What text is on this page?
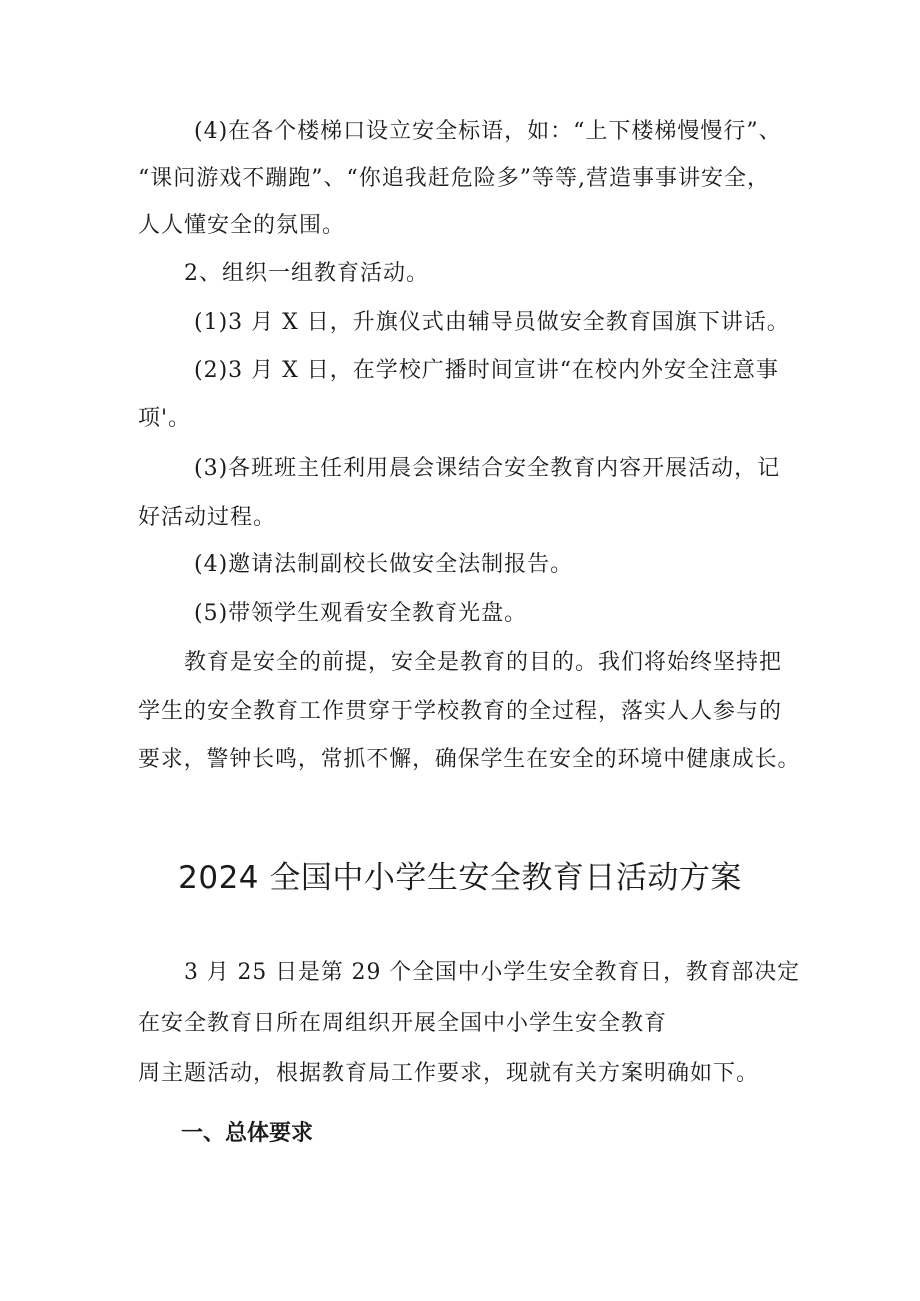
(4)在各个楼梯口设立安全标语，如：“上下楼梯慢慢行”、
“课问游戏不蹦跑”、“你追我赶危险多”等等,营造事事讲安全，
人人懂安全的氛围。
2、组织一组教育活动。
(1)3 月 X 日，升旗仪式由辅导员做安全教育国旗下讲话。
(2)3 月 X 日，在学校广播时间宣讲“在校内外安全注意事
项'。
(3)各班班主任利用晨会课结合安全教育内容开展活动，记
好活动过程。
(4)邀请法制副校长做安全法制报告。
(5)带领学生观看安全教育光盘。
教育是安全的前提，安全是教育的目的。我们将始终坚持把
学生的安全教育工作贯穿于学校教育的全过程，落实人人参与的
要求，警钟长鸣，常抓不懈，确保学生在安全的环境中健康成长。
2024 全国中小学生安全教育日活动方案
3 月 25 日是第 29 个全国中小学生安全教育日，教育部决定
在安全教育日所在周组织开展全国中小学生安全教育
周主题活动，根据教育局工作要求，现就有关方案明确如下。
一、总体要求
